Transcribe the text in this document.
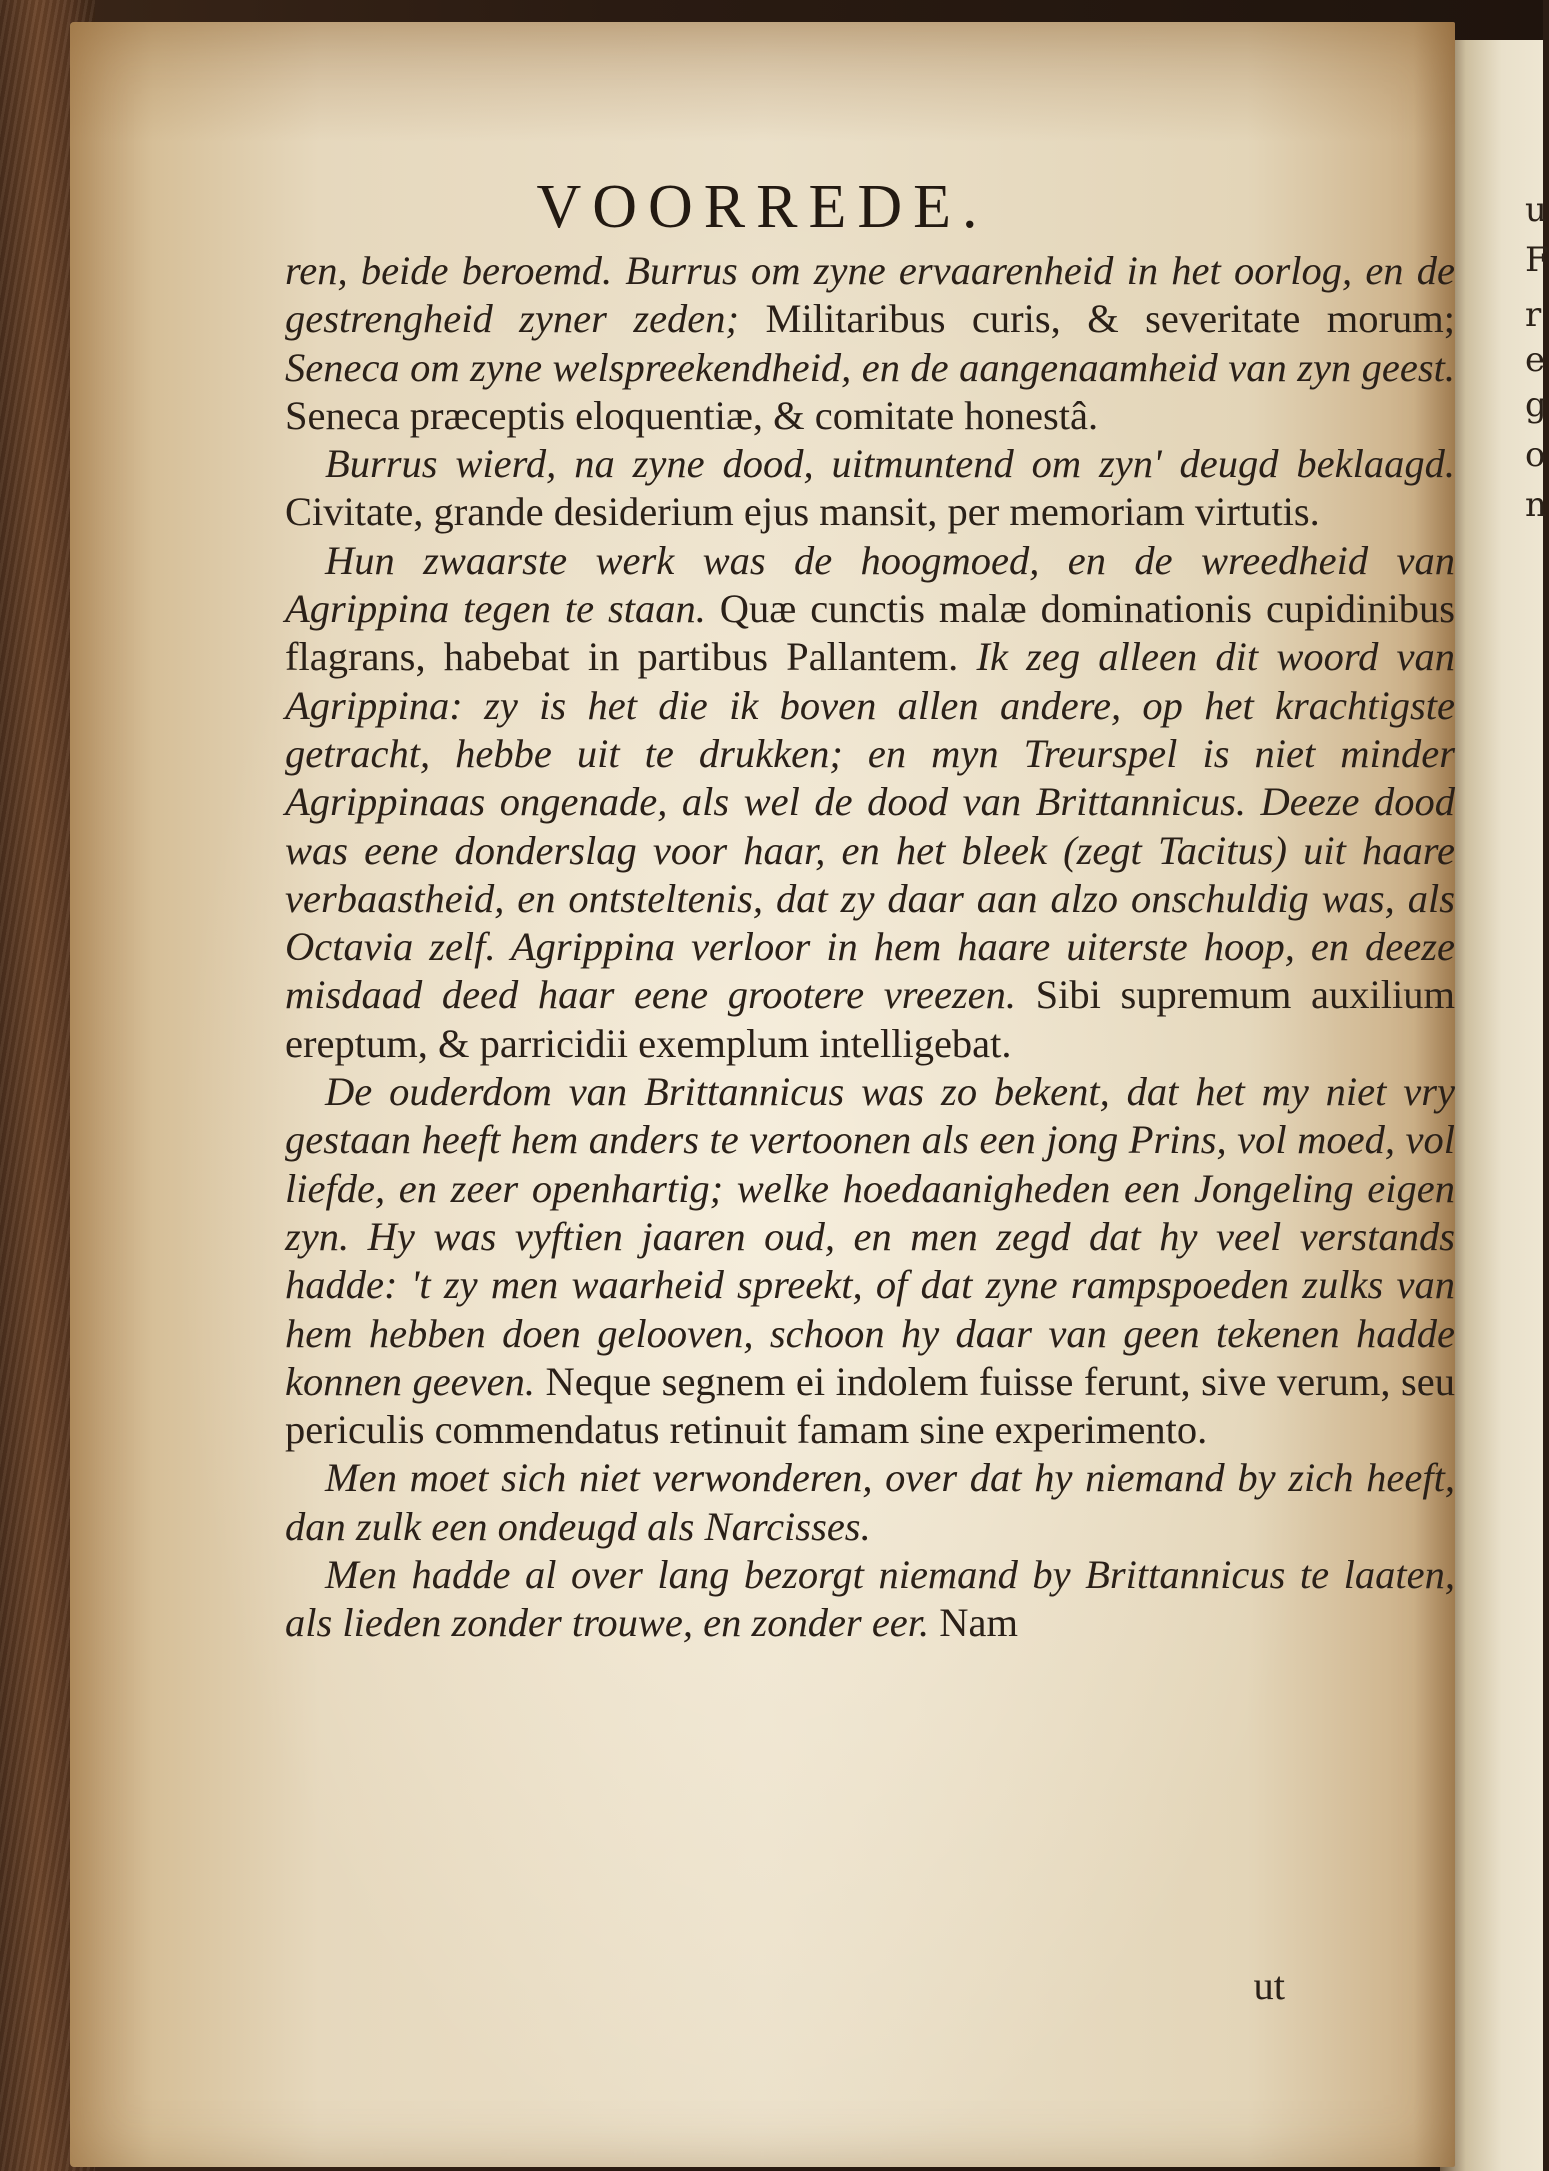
u
F
r
e
g
o
n
VOORREDE.

ren, beide beroemd. Burrus om zyne ervaarenheid in het oorlog, en de gestrengheid zyner zeden; Militaribus curis, & severitate morum; Seneca om zyne welspreekendheid, en de aangenaamheid van zyn geest. Seneca præceptis eloquentiæ, & comitate honestâ.

Burrus wierd, na zyne dood, uitmuntend om zyn' deugd beklaagd. Civitate, grande desiderium ejus mansit, per memoriam virtutis.

Hun zwaarste werk was de hoogmoed, en de wreedheid van Agrippina tegen te staan. Quæ cunctis malæ dominationis cupidinibus flagrans, habebat in partibus Pallantem. Ik zeg alleen dit woord van Agrippina: zy is het die ik boven allen andere, op het krachtigste getracht, hebbe uit te drukken; en myn Treurspel is niet minder Agrippinaas ongenade, als wel de dood van Brittannicus. Deeze dood was eene donderslag voor haar, en het bleek (zegt Tacitus) uit haare verbaastheid, en ontsteltenis, dat zy daar aan alzo onschuldig was, als Octavia zelf. Agrippina verloor in hem haare uiterste hoop, en deeze misdaad deed haar eene grootere vreezen. Sibi supremum auxilium ereptum, & parricidii exemplum intelligebat.

De ouderdom van Brittannicus was zo bekent, dat het my niet vry gestaan heeft hem anders te vertoonen als een jong Prins, vol moed, vol liefde, en zeer openhartig; welke hoedaanigheden een Jongeling eigen zyn. Hy was vyftien jaaren oud, en men zegd dat hy veel verstands hadde: 't zy men waarheid spreekt, of dat zyne rampspoeden zulks van hem hebben doen gelooven, schoon hy daar van geen tekenen hadde konnen geeven. Neque segnem ei indolem fuisse ferunt, sive verum, seu periculis commendatus retinuit famam sine experimento.

Men moet sich niet verwonderen, over dat hy niemand by zich heeft, dan zulk een ondeugd als Narcisses.

Men hadde al over lang bezorgt niemand by Brittannicus te laaten, als lieden zonder trouwe, en zonder eer. Nam

ut
